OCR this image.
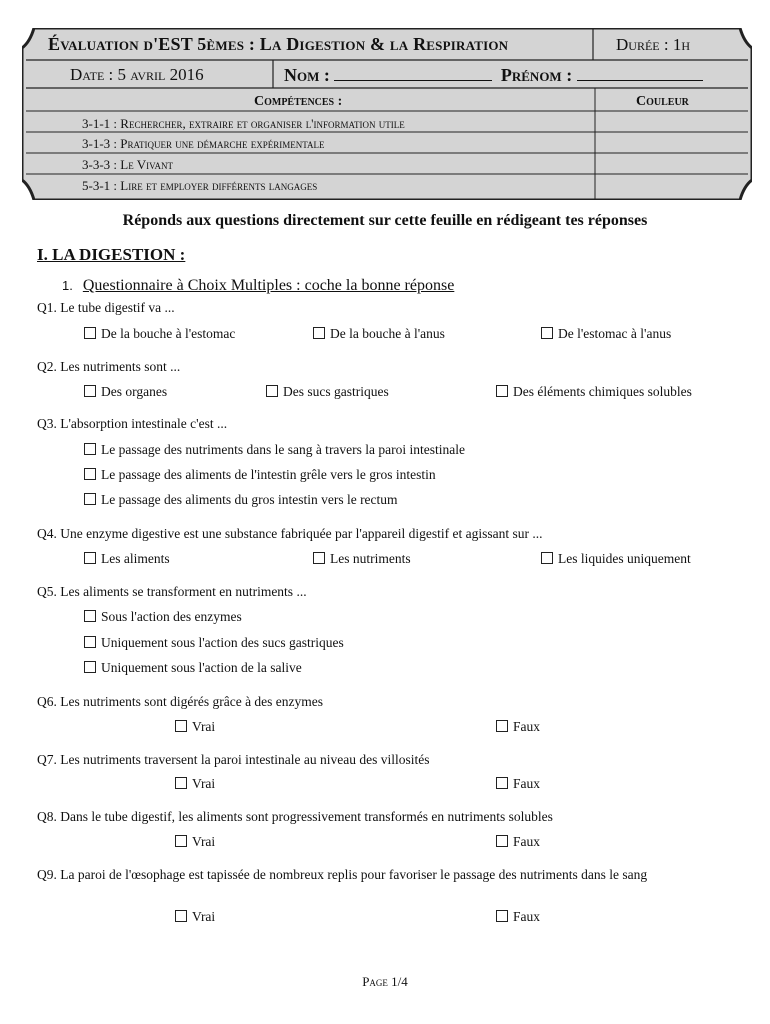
Évaluation d'EST 5èmes : La Digestion & la Respiration	Durée : 1h
Date : 5 avril 2016	Nom :	Prénom :
Compétences :	Couleur
3-1-1 : Rechercher, extraire et organiser l'information utile
3-1-3 : Pratiquer une démarche expérimentale
3-3-3 : Le Vivant
5-3-1 : Lire et employer différents langages
Réponds aux questions directement sur cette feuille en rédigeant tes réponses
I. LA DIGESTION :
1. Questionnaire à Choix Multiples : coche la bonne réponse
Q1. Le tube digestif va ...
De la bouche à l'estomac	De la bouche à l'anus	De l'estomac à l'anus
Q2. Les nutriments sont ...
Des organes	Des sucs gastriques	Des éléments chimiques solubles
Q3. L'absorption intestinale c'est ...
Le passage des nutriments dans le sang à travers la paroi intestinale
Le passage des aliments de l'intestin grêle vers le gros intestin
Le passage des aliments du gros intestin vers le rectum
Q4. Une enzyme digestive est une substance fabriquée par l'appareil digestif et agissant sur ...
Les aliments	Les nutriments	Les liquides uniquement
Q5. Les aliments se transforment en nutriments ...
Sous l'action des enzymes
Uniquement sous l'action des sucs gastriques
Uniquement sous l'action de la salive
Q6. Les nutriments sont digérés grâce à des enzymes
Vrai	Faux
Q7. Les nutriments traversent la paroi intestinale au niveau des villosités
Vrai	Faux
Q8. Dans le tube digestif, les aliments sont progressivement transformés en nutriments solubles
Vrai	Faux
Q9. La paroi de l'œsophage est tapissée de nombreux replis pour favoriser le passage des nutriments dans le sang
Vrai	Faux
Page 1/4
